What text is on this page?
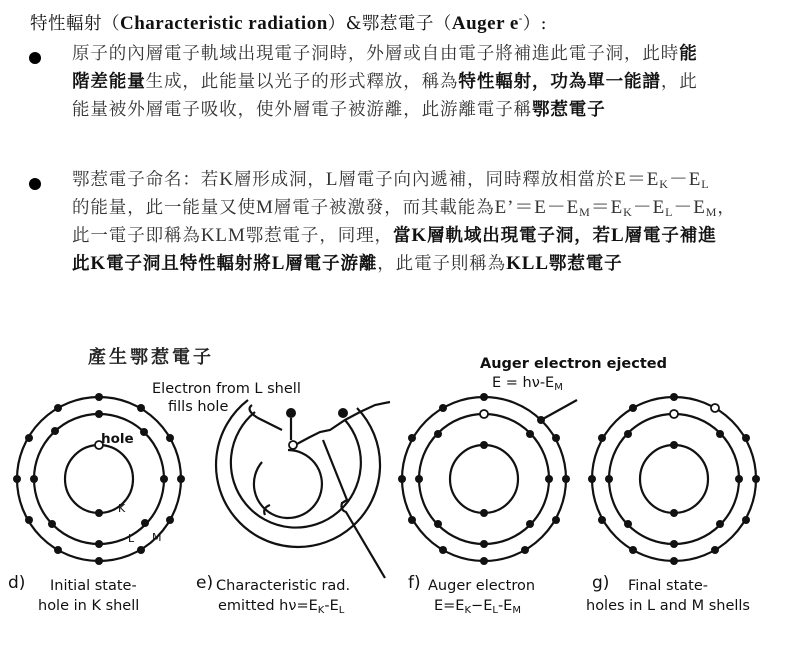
特性輻射（Characteristic radiation）&鄂惹電子（Auger e-）:
原子的內層電子軌域出現電子洞時，外層或自由電子將補進此電子洞，此時能
階差能量生成，此能量以光子的形式釋放，稱為特性輻射，功為單一能譜，此
能量被外層電子吸收，使外層電子被游離，此游離電子稱鄂惹電子
鄂惹電子命名：若K層形成洞，L層電子向內遞補，同時釋放相當於$E=E_K-E_L$
的能量，此一能量又使M層電子被激發，而其載能為$E’=E-E_M=E_K-E_L-E_M$，
此一電子即稱為KLM鄂惹電子，同理，當K層軌域出現電子洞，若L層電子補進
此K電子洞且特性輻射將L層電子游離，此電子則稱為KLL鄂惹電子
產生鄂惹電子
Electron from L shell
fills hole
hole
Auger electron ejected
$E = h\nu-E_M$
K
L M
d) Initial state-
hole in K shell
e) Characteristic rad.
emitted $h\nu=E_K-E_L$
f) Auger electron
$E=E_K-E_L-E_M$
g) Final state-
holes in L and M shells
